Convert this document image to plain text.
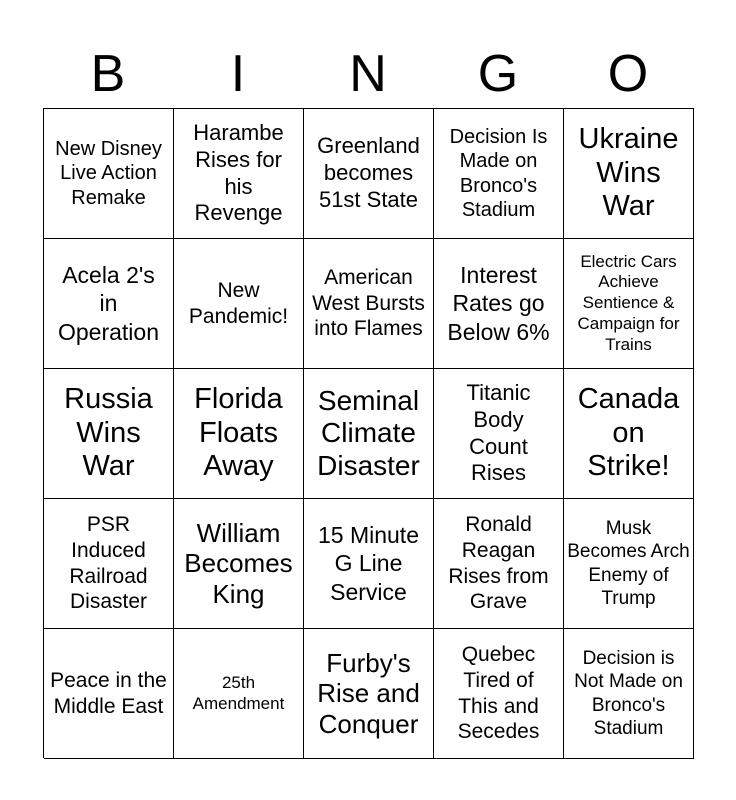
B	I	N	G	O
New Disney Live Action Remake
Harambe Rises for his Revenge
Greenland becomes 51st State
Decision Is Made on Bronco's Stadium
Ukraine Wins War
Acela 2's in Operation
New Pandemic!
American West Bursts into Flames
Interest Rates go Below 6%
Electric Cars Achieve Sentience & Campaign for Trains
Russia Wins War
Florida Floats Away
Seminal Climate Disaster
Titanic Body Count Rises
Canada on Strike!
PSR Induced Railroad Disaster
William Becomes King
15 Minute G Line Service
Ronald Reagan Rises from Grave
Musk Becomes Arch Enemy of Trump
Peace in the Middle East
25th Amendment
Furby's Rise and Conquer
Quebec Tired of This and Secedes
Decision is Not Made on Bronco's Stadium
